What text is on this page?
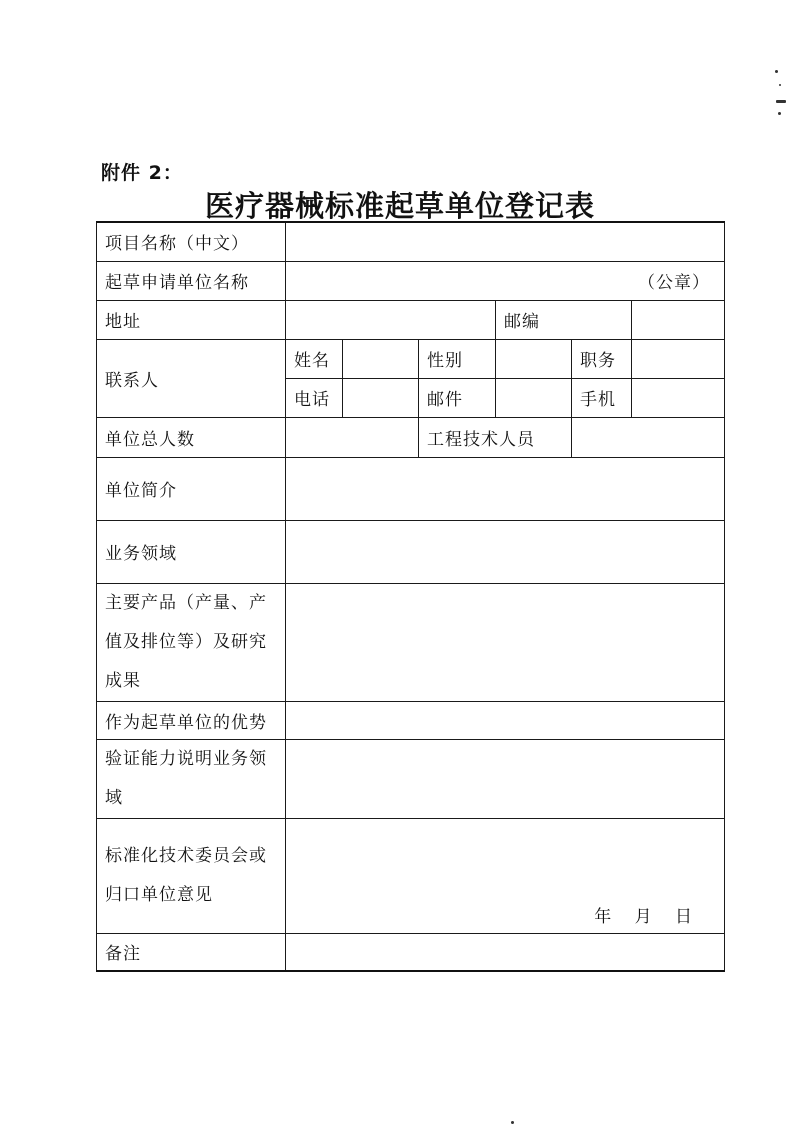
附件 2：
医疗器械标准起草单位登记表
项目名称（中文）						
起草申请单位名称	（公章）					
地址				邮编		
联系人	姓名		性别		职务	
	电话		邮件		手机	
单位总人数			工程技术人员			
单位简介						
业务领域						
主要产品（产量、产值及排位等）及研究成果						
作为起草单位的优势						
验证能力说明业务领域						
标准化技术委员会或归口单位意见	年 月 日					

备注						
